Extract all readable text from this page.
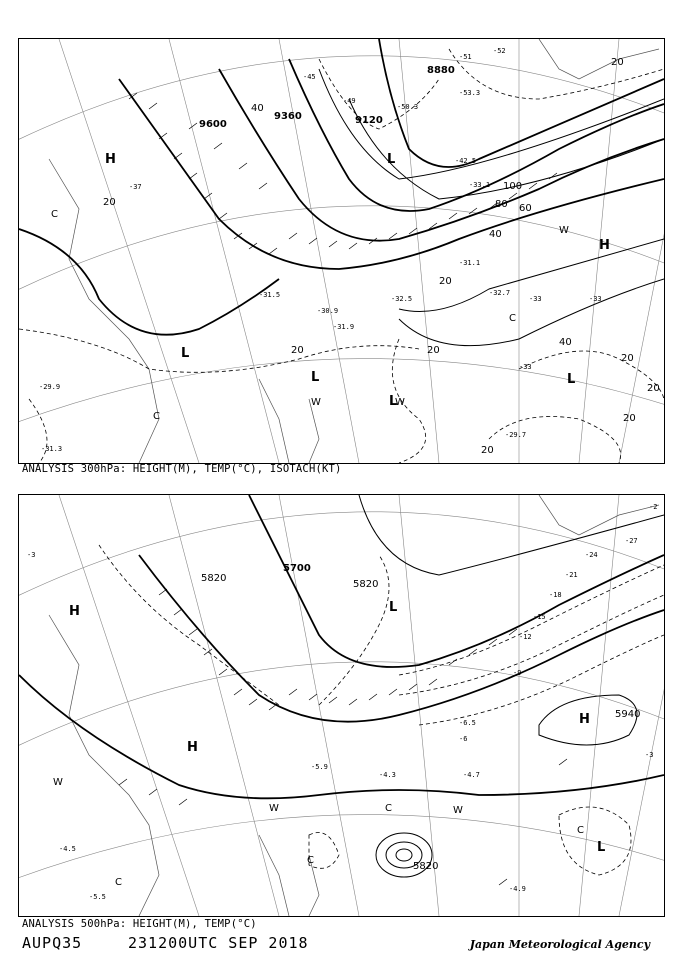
9600
9360	9120
8880
20
40
60
80
100
20
40
20
20
20
20
20
20
40
20
-29.7
-32.5
-31.5
-31.9
-30.9
-33	-33
-33
-37
-45
-49
-51
-52
-53.3
-50.3
-42.5
-33.1
-31.1
-32.7
-29.9
-31.3
H
L
L
L
H
L
L
C
C
C
W
W	W
ANALYSIS 300hPa: HEIGHT(M), TEMP(°C), ISOTACH(KT)
5700
5820
5940
5820
5820
-3
-3
-6
-9
-12
-15
-18
-21
-24
-27
-2
-4.7
-4.9
-4.5
-5.5
-6.5
-5.9
-4.3
H
H
L
H
L
W
W	W
C
C
C
C
ANALYSIS 500hPa: HEIGHT(M), TEMP(°C)
AUPQ35	231200UTC SEP 2018	Japan Meteorological Agency
